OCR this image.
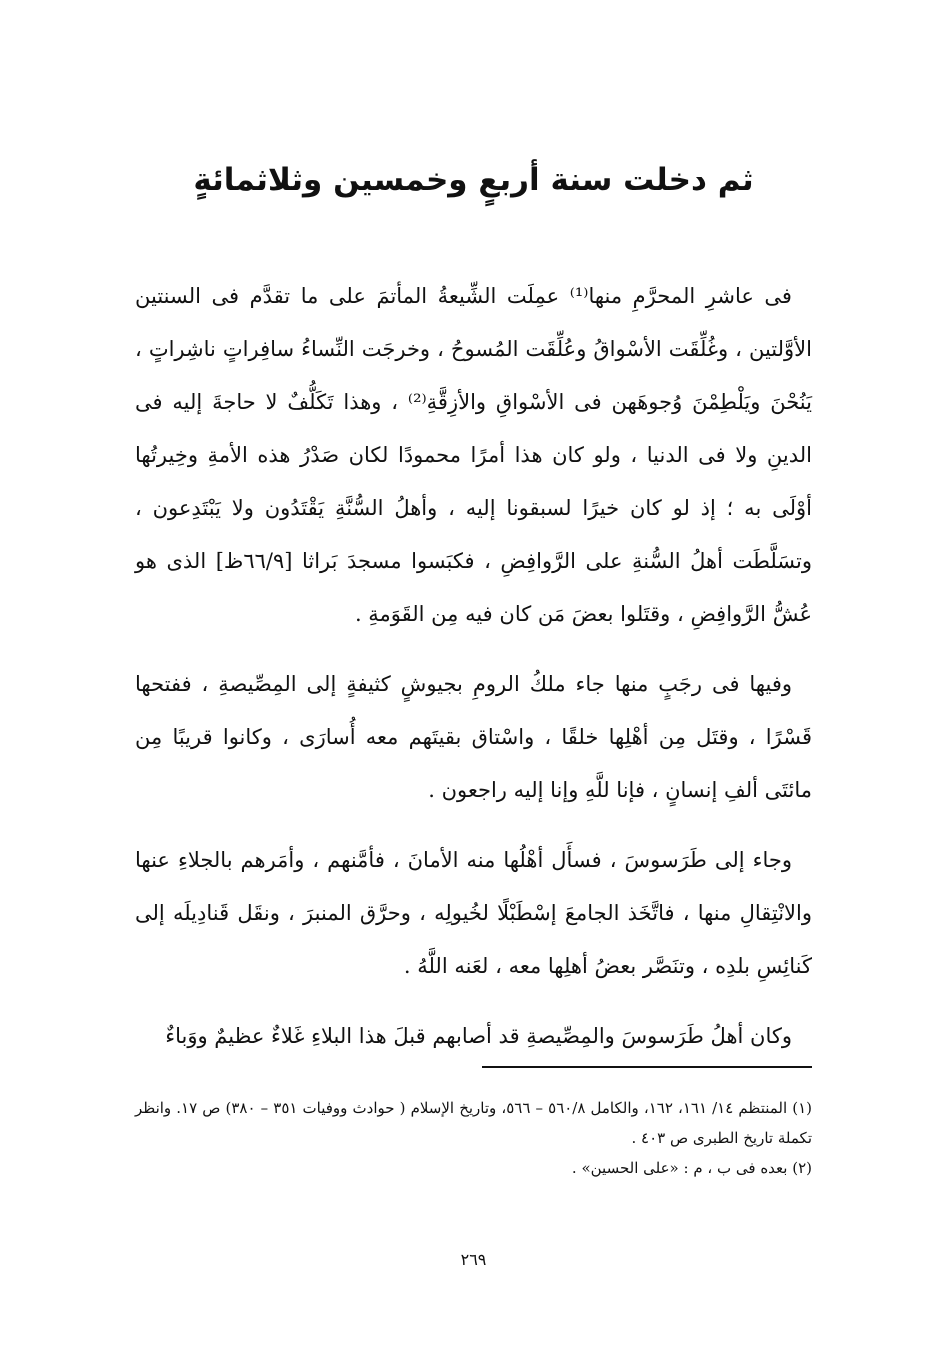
ثم دخلت سنة أربعٍ وخمسين وثلاثمائةٍ

فى عاشرِ المحرَّمِ منها⁽¹⁾ عمِلَت الشِّيعةُ المأتمَ على ما تقدَّم فى السنتين الأوَّلتين ، وغُلِّقَت الأسْواقُ وعُلِّقَت المُسوحُ ، وخرجَت النِّساءُ سافِراتٍ ناشِراتٍ ، يَنُحْنَ ويَلْطِمْنَ وُجوهَهن فى الأسْواقِ والأزِقَّةِ⁽²⁾ ، وهذا تَكَلُّفٌ لا حاجةَ إليه فى الدينِ ولا فى الدنيا ، ولو كان هذا أمرًا محمودًا لكان صَدْرُ هذه الأمةِ وخِيرتُها أوْلَى به ؛ إذ لو كان خيرًا لسبقونا إليه ، وأهلُ السُّنَّةِ يَقْتَدُون ولا يَبْتَدِعون ، وتسَلَّطَت أهلُ السُّنةِ على الرَّوافِضِ ، فكبَسوا مسجدَ بَراثا [٦٦/٩ظ] الذى هو عُشُّ الرَّوافِضِ ، وقتَلوا بعضَ مَن كان فيه مِن القَوَمةِ .

وفيها فى رجَبٍ منها جاء ملكُ الرومِ بجيوشٍ كثيفةٍ إلى المِصِّيصةِ ، ففتحها قَسْرًا ، وقتَل مِن أهْلِها خلقًا ، واسْتاق بقيتَهم معه أُسارَى ، وكانوا قريبًا مِن مائتَى ألفِ إنسانٍ ، فإنا للَّهِ وإنا إليه راجعون .

وجاء إلى طَرَسوسَ ، فسأَل أهْلُها منه الأمانَ ، فأمَّنهم ، وأمَرهم بالجلاءِ عنها والانْتِقالِ منها ، فاتَّخَذ الجامعَ إسْطَبْلًا لخُيولِه ، وحرَّق المنبرَ ، ونقَل قَنادِيلَه إلى كَنائِسِ بلدِه ، وتنَصَّر بعضُ أهلِها معه ، لعَنه اللَّهُ .

وكان أهلُ طَرَسوسَ والمِصِّيصةِ قد أصابهم قبلَ هذا البلاءِ غَلاءٌ عظيمٌ ووَباءٌ

(١) المنتظم ١٤/ ١٦١، ١٦٢، والكامل ٥٦٠/٨ – ٥٦٦، وتاريخ الإسلام ( حوادث ووفيات ٣٥١ – ٣٨٠) ص ١٧. وانظر تكملة تاريخ الطبرى ص ٤٠٣ .

(٢) بعده فى ب ، م : «على الحسين» .

٢٦٩
